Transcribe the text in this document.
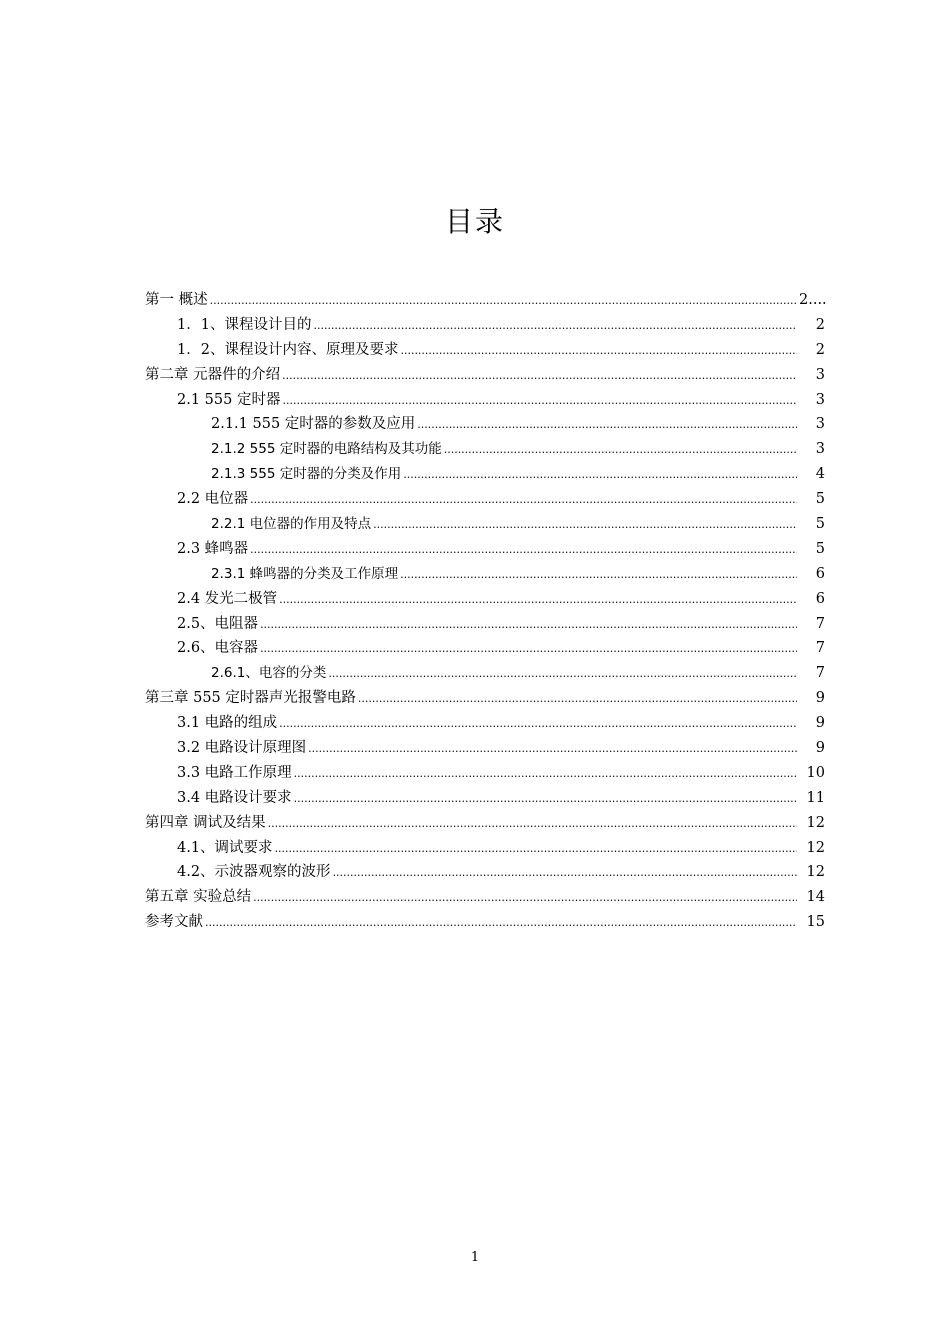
目录
第一 概述 .....	2....
1．1、课程设计目的 .....	2
1．2、课程设计内容、原理及要求 .....	2
第二章 元器件的介绍 .....	3
2.1 555 定时器 .....	3
2.1.1 555 定时器的参数及应用 .....	3
2.1.2 555 定时器的电路结构及其功能 .....	3
2.1.3 555 定时器的分类及作用 .....	4
2.2 电位器 .....	5
2.2.1 电位器的作用及特点 .....	5
2.3 蜂鸣器 .....	5
2.3.1 蜂鸣器的分类及工作原理 .....	6
2.4 发光二极管 .....	6
2.5、电阻器 .....	7
2.6、电容器 .....	7
2.6.1、电容的分类 .....	7
第三章 555 定时器声光报警电路 .....	9
3.1 电路的组成 .....	9
3.2 电路设计原理图 .....	9
3.3 电路工作原理 .....	10
3.4 电路设计要求 .....	11
第四章 调试及结果 .....	12
4.1、调试要求 .....	12
4.2、示波器观察的波形 .....	12
第五章 实验总结 .....	14
参考文献 .....	15
1
